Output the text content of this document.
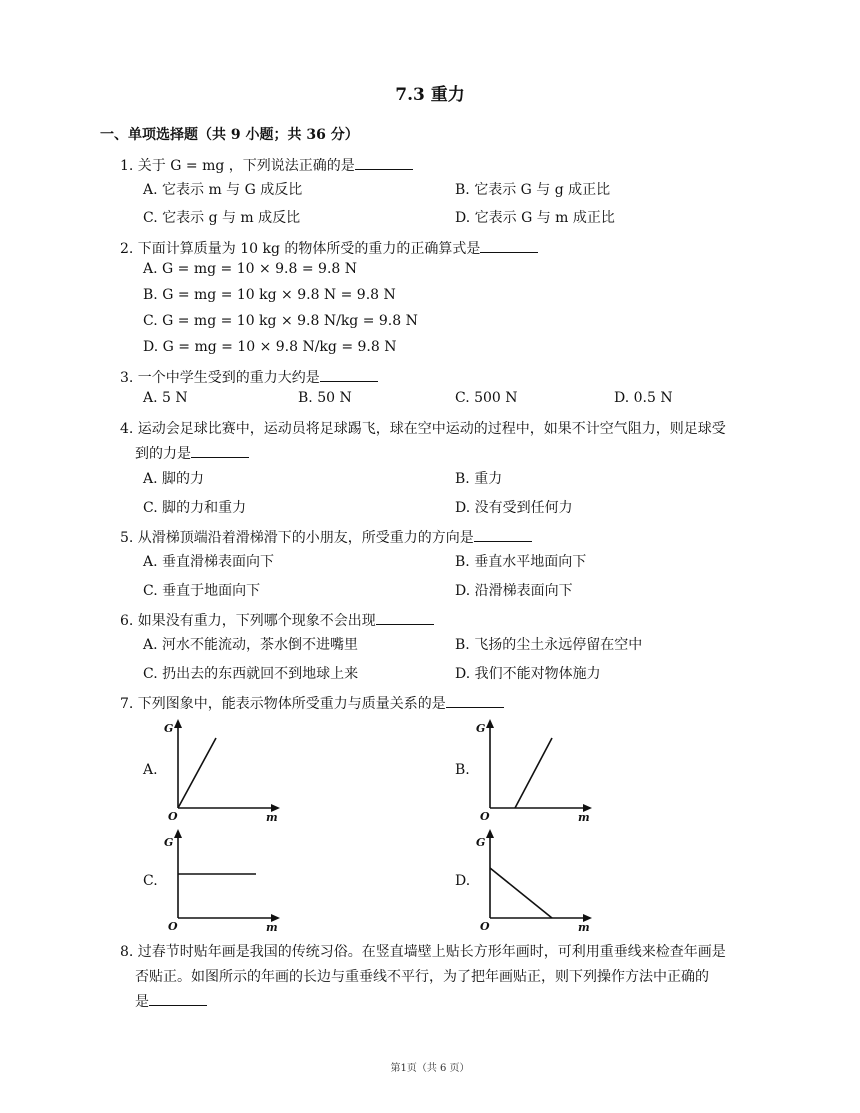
7.3 重力
一、单项选择题（共 9 小题；共 36 分）
1. 关于 G = mg ，下列说法正确的是
A. 它表示 m 与 G 成反比	B. 它表示 G 与 g 成正比
C. 它表示 g 与 m 成反比	D. 它表示 G 与 m 成正比
2. 下面计算质量为 10 kg 的物体所受的重力的正确算式是
A. G = mg = 10 × 9.8 = 9.8 N
B. G = mg = 10 kg × 9.8 N = 9.8 N
C. G = mg = 10 kg × 9.8 N/kg = 9.8 N
D. G = mg = 10 × 9.8 N/kg = 9.8 N
3. 一个中学生受到的重力大约是
A. 5 N	B. 50 N	C. 500 N	D. 0.5 N
4. 运动会足球比赛中，运动员将足球踢飞，球在空中运动的过程中，如果不计空气阻力，则足球受
到的力是
A. 脚的力	B. 重力
C. 脚的力和重力	D. 没有受到任何力
5. 从滑梯顶端沿着滑梯滑下的小朋友，所受重力的方向是
A. 垂直滑梯表面向下	B. 垂直水平地面向下
C. 垂直于地面向下	D. 沿滑梯表面向下
6. 如果没有重力，下列哪个现象不会出现
A. 河水不能流动，茶水倒不进嘴里	B. 飞扬的尘土永远停留在空中
C. 扔出去的东西就回不到地球上来	D. 我们不能对物体施力
7. 下列图象中，能表示物体所受重力与质量关系的是
A.	B.
C.	D.
G
O	m
G
O	m
G
O	m
G
O	m
8. 过春节时贴年画是我国的传统习俗。在竖直墙壁上贴长方形年画时，可利用重垂线来检查年画是
否贴正。如图所示的年画的长边与重垂线不平行，为了把年画贴正，则下列操作方法中正确的
是
第1页（共 6 页）
